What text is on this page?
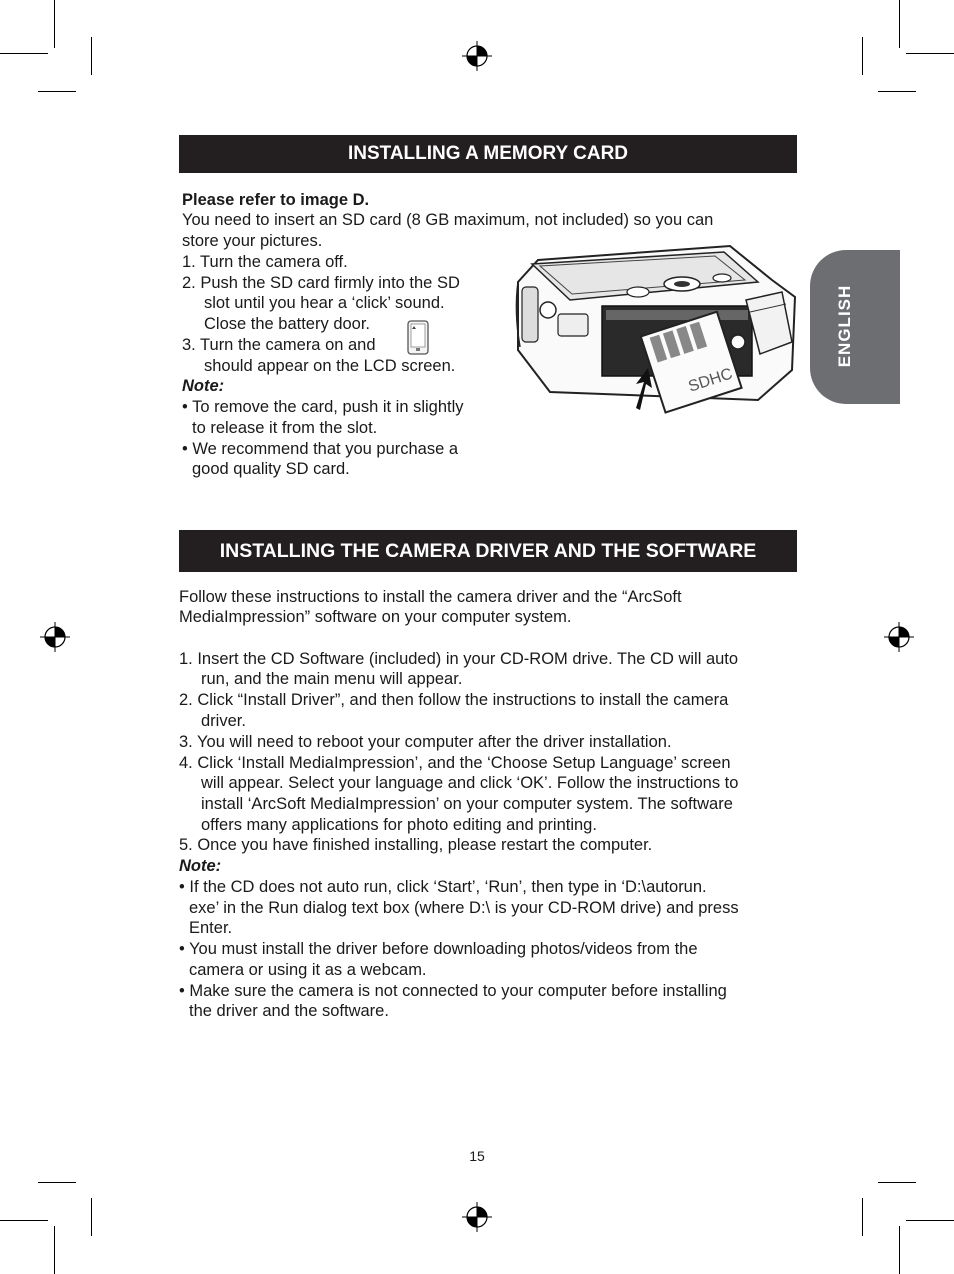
ENGLISH
INSTALLING A MEMORY CARD
Please refer to image D.
You need to insert an SD card (8 GB maximum, not included) so you can
store your pictures.
1. Turn the camera off.
2. Push the SD card firmly into the SD
slot until you hear a ‘click’ sound.
Close the battery door.
3. Turn the camera on and
should appear on the LCD screen.
Note:
• To remove the card, push it in slightly
to release it from the slot.
• We recommend that you purchase a
good quality SD card.
SDHC
INSTALLING THE CAMERA DRIVER AND THE SOFTWARE
Follow these instructions to install the camera driver and the “ArcSoft
MediaImpression” software on your computer system.
1. Insert the CD Software (included) in your CD-ROM drive. The CD will auto
run, and the main menu will appear.
2. Click “Install Driver”, and then follow the instructions to install the camera
driver.
3. You will need to reboot your computer after the driver installation.
4. Click ‘Install MediaImpression’, and the ‘Choose Setup Language’ screen
will appear. Select your language and click ‘OK’. Follow the instructions to
install ‘ArcSoft MediaImpression’ on your computer system. The software
offers many applications for photo editing and printing.
5. Once you have finished installing, please restart the computer.
Note:
• If the CD does not auto run, click ‘Start’, ‘Run’, then type in ‘D:\autorun.
exe’ in the Run dialog text box (where D:\ is your CD-ROM drive) and press
Enter.
• You must install the driver before downloading photos/videos from the
camera or using it as a webcam.
• Make sure the camera is not connected to your computer before installing
the driver and the software.
15
